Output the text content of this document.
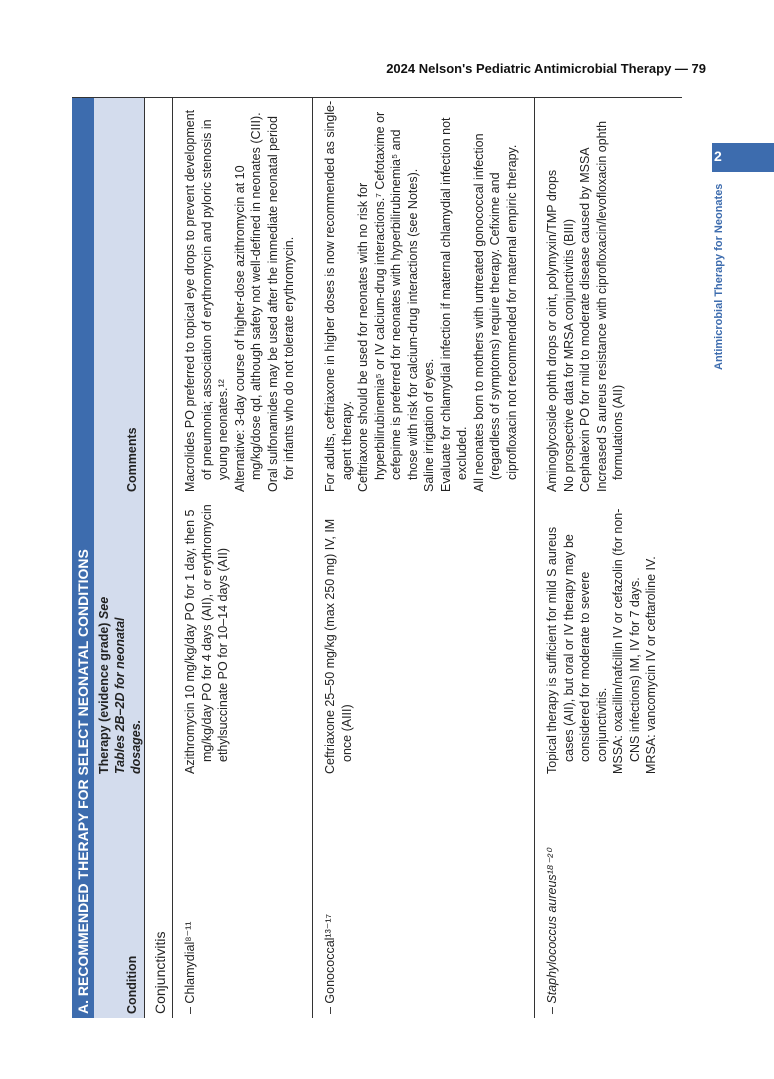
2024 Nelson's Pediatric Antimicrobial Therapy — 79
2
Antimicrobial Therapy for Neonates
A. RECOMMENDED THERAPY FOR SELECT NEONATAL CONDITIONS	Condition
Therapy (evidence grade) See Tables 2B–2D for neonatal dosages.
Comments
Conjunctivitis – Chlamydial⁸⁻¹¹
Azithromycin 10 mg/kg/day PO for 1 day, then 5 mg/kg/day PO for 4 days (AII), or erythromycin ethylsuccinate PO for 10–14 days (AII)

Macrolides PO preferred to topical eye drops to prevent development of pneumonia; association of erythromycin and pyloric stenosis in young neonates.¹² Alternative: 3-day course of higher-dose azithromycin at 10 mg/kg/dose qd, although safety not well-defined in neonates (CIII). Oral sulfonamides may be used after the immediate neonatal period for infants who do not tolerate erythromycin.

– Gonococcal¹³⁻¹⁷
Ceftriaxone 25–50 mg/kg (max 250 mg) IV, IM once (AIII)

For adults, ceftriaxone in higher doses is now recommended as single-agent therapy. Ceftriaxone should be used for neonates with no risk for hyperbilirubinemia⁵ or IV calcium-drug interactions.⁷ Cefotaxime or cefepime is preferred for neonates with hyperbilirubinemia⁵ and those with risk for calcium-drug interactions (see Notes). Saline irrigation of eyes. Evaluate for chlamydial infection if maternal chlamydial infection not excluded. All neonates born to mothers with untreated gonococcal infection (regardless of symptoms) require therapy. Cefixime and ciprofloxacin not recommended for maternal empiric therapy.

– Staphylococcus aureus¹⁸⁻²⁰

Topical therapy is sufficient for mild S aureus cases (AII), but oral or IV therapy may be considered for moderate to severe conjunctivitis. MSSA: oxacillin/nafcillin IV or cefazolin (for non-CNS infections) IM, IV for 7 days. MRSA: vancomycin IV or ceftaroline IV.

Aminoglycoside ophth drops or oint, polymyxin/TMP drops No prospective data for MRSA conjunctivitis (BIII) Cephalexin PO for mild to moderate disease caused by MSSA Increased S aureus resistance with ciprofloxacin/levofloxacin ophth formulations (AII)
